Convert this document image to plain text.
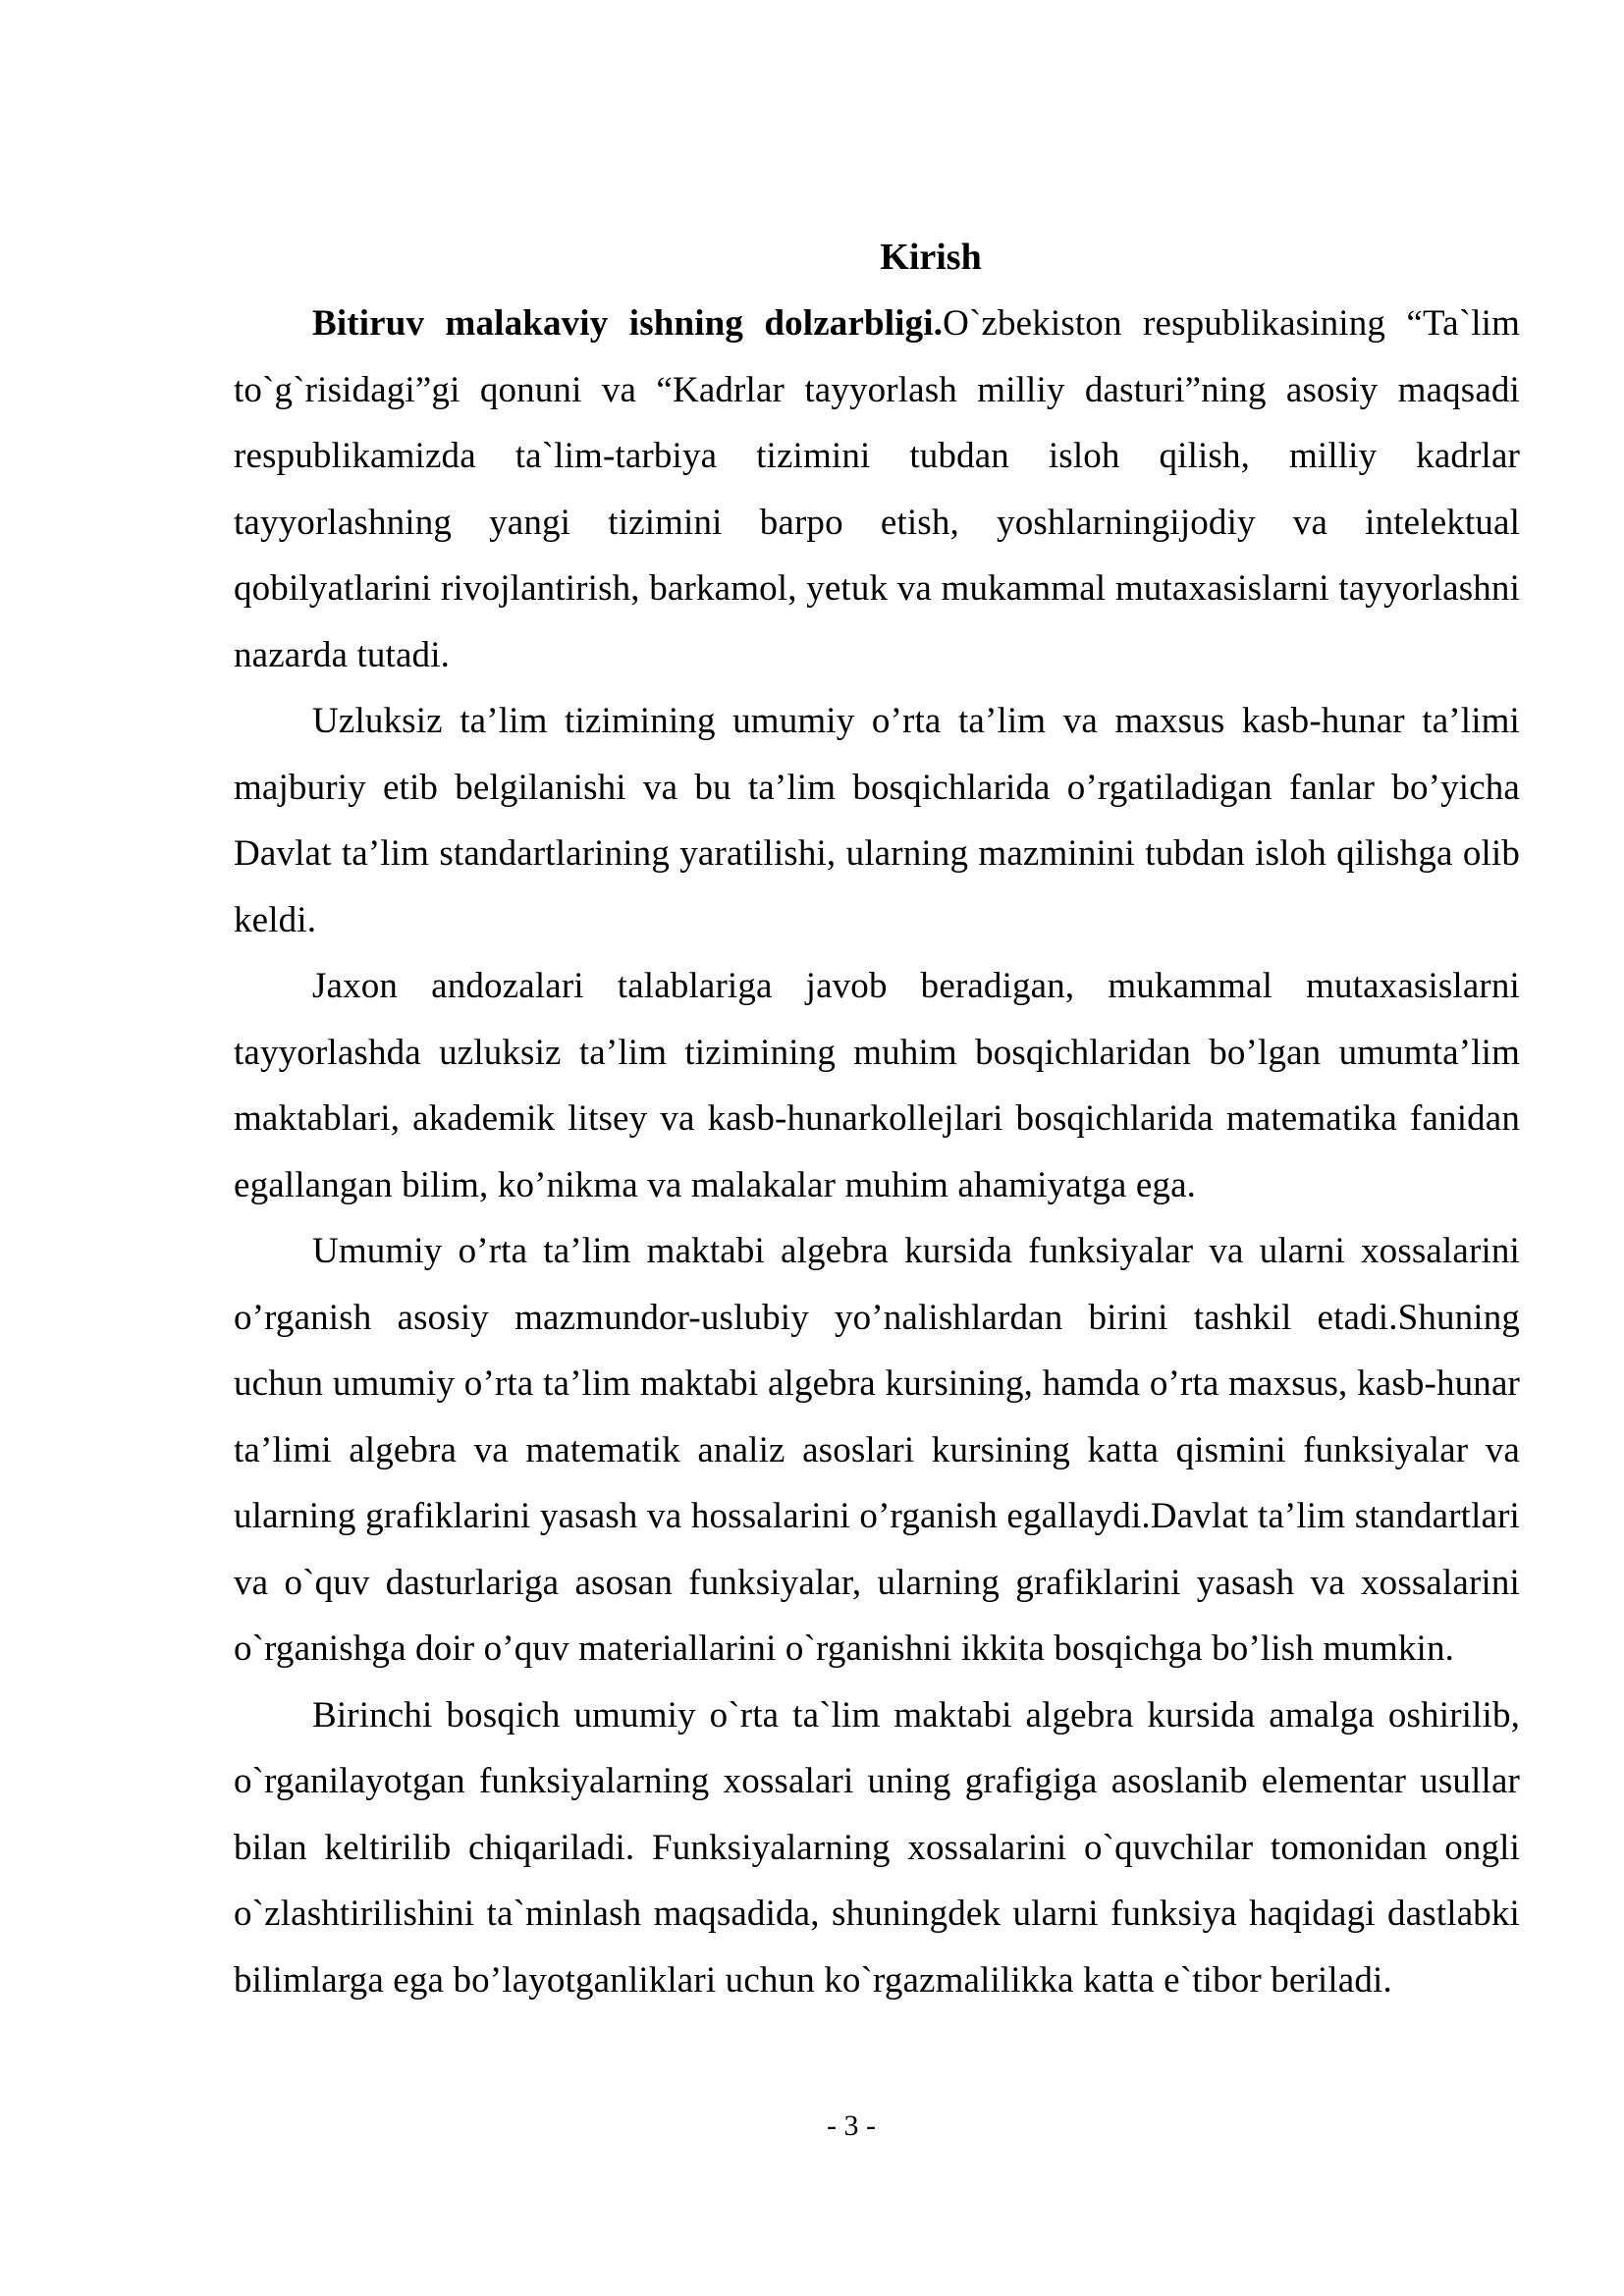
Kirish

Bitiruv malakaviy ishning dolzarbligi.O`zbekiston respublikasining “Ta`lim to`g`risidagi”gi qonuni va “Kadrlar tayyorlash milliy dasturi”ning asosiy maqsadi respublikamizda ta`lim-tarbiya tizimini tubdan isloh qilish, milliy kadrlar tayyorlashning yangi tizimini barpo etish, yoshlarningijodiy va intelektual qobilyatlarini rivojlantirish, barkamol, yetuk va mukammal mutaxasislarni tayyorlashni nazarda tutadi.

Uzluksiz ta’lim tizimining umumiy o’rta ta’lim va maxsus kasb-hunar ta’limi majburiy etib belgilanishi va bu ta’lim bosqichlarida o’rgatiladigan fanlar bo’yicha Davlat ta’lim standartlarining yaratilishi, ularning mazminini tubdan isloh qilishga olib keldi.

Jaxon andozalari talablariga javob beradigan, mukammal mutaxasislarni tayyorlashda uzluksiz ta’lim tizimining muhim bosqichlaridan bo’lgan umumta’lim maktablari, akademik litsey va kasb-hunarkollejlari bosqichlarida matematika fanidan egallangan bilim, ko’nikma va malakalar muhim ahamiyatga ega.

Umumiy o’rta ta’lim maktabi algebra kursida funksiyalar va ularni xossalarini o’rganish asosiy mazmundor-uslubiy yo’nalishlardan birini tashkil etadi.Shuning uchun umumiy o’rta ta’lim maktabi algebra kursining, hamda o’rta maxsus, kasb-hunar ta’limi algebra va matematik analiz asoslari kursining katta qismini funksiyalar va ularning grafiklarini yasash va hossalarini o’rganish egallaydi.Davlat ta’lim standartlari va o`quv dasturlariga asosan funksiyalar, ularning grafiklarini yasash va xossalarini o`rganishga doir o’quv materiallarini o`rganishni ikkita bosqichga bo’lish mumkin.

Birinchi bosqich umumiy o`rta ta`lim maktabi algebra kursida amalga oshirilib, o`rganilayotgan funksiyalarning xossalari uning grafigiga asoslanib elementar usullar bilan keltirilib chiqariladi. Funksiyalarning xossalarini o`quvchilar tomonidan ongli o`zlashtirilishini ta`minlash maqsadida, shuningdek ularni funksiya haqidagi dastlabki bilimlarga ega bo’layotganliklari uchun ko`rgazmalilikka katta e`tibor beriladi.

- 3 -
